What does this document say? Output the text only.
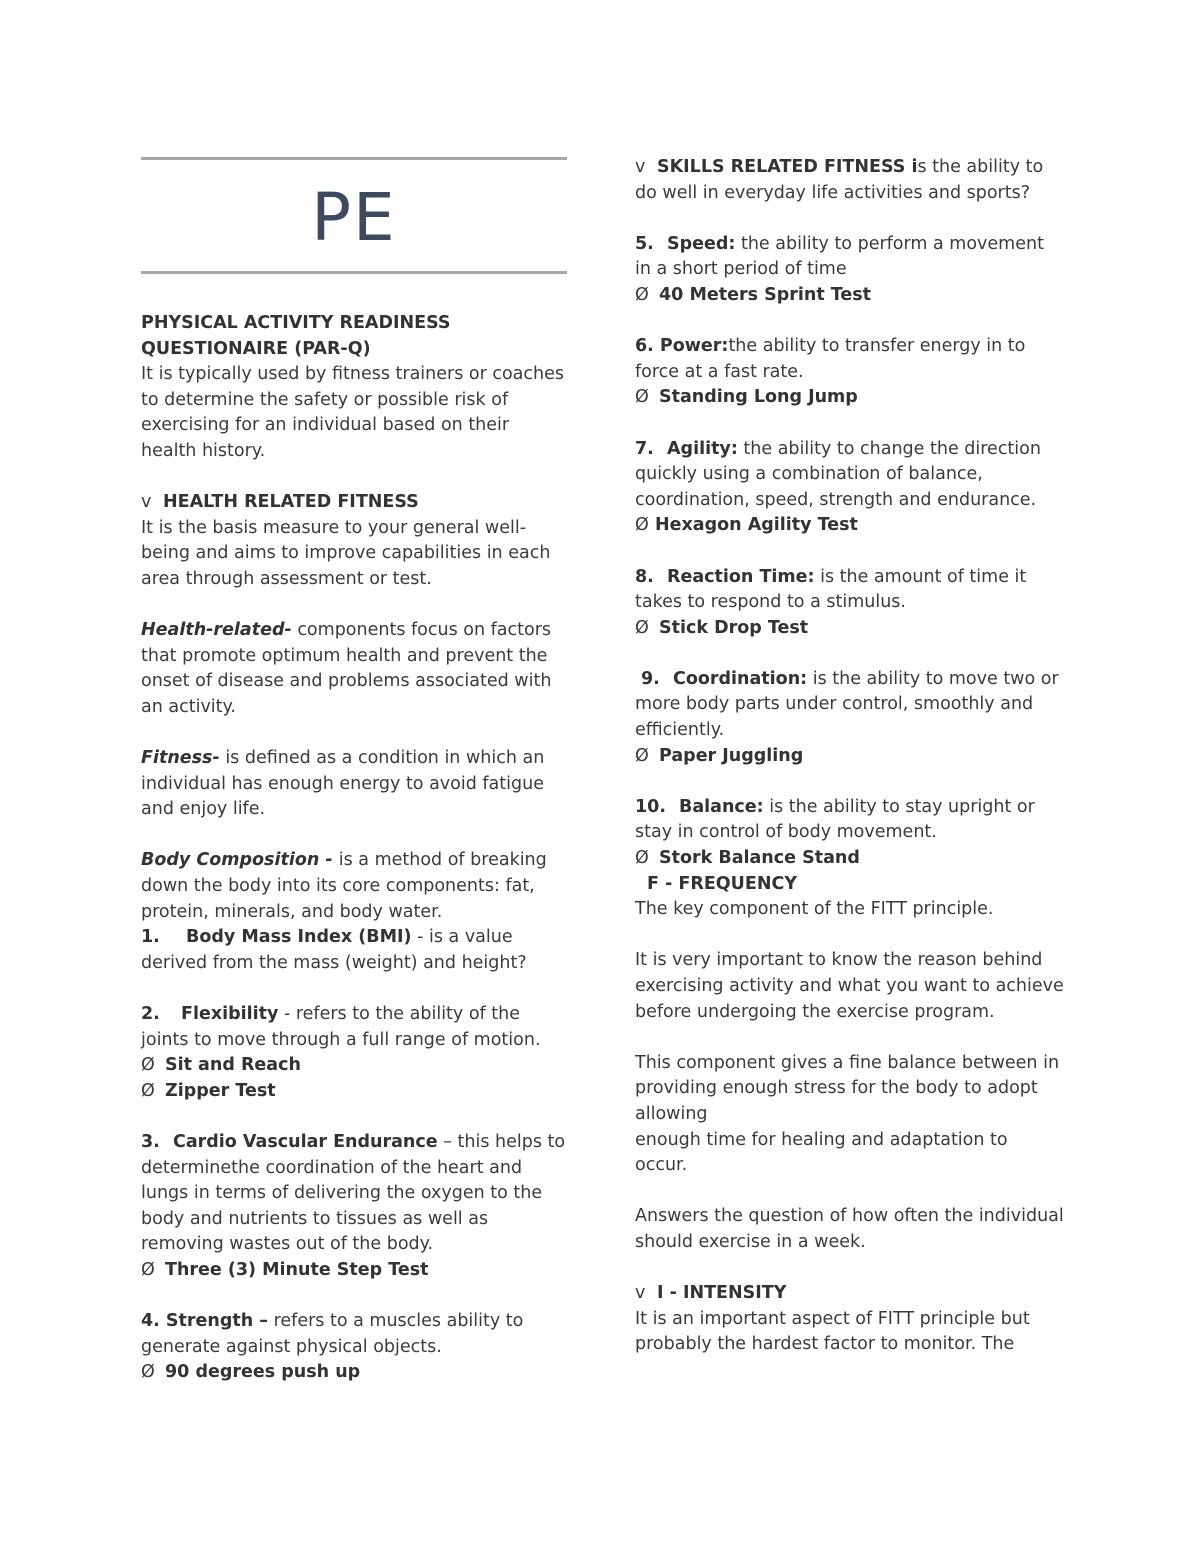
PE

PHYSICAL ACTIVITY READINESS
QUESTIONAIRE (PAR-Q)

It is typically used by fitness trainers or coaches to determine the safety or possible risk of exercising for an individual based on their health history.

v HEALTH RELATED FITNESS

It is the basis measure to your general well-being and aims to improve capabilities in each area through assessment or test.

Health-related- components focus on factors that promote optimum health and prevent the onset of disease and problems associated with an activity.

Fitness- is defined as a condition in which an individual has enough energy to avoid fatigue and enjoy life.

Body Composition - is a method of breaking down the body into its core components: fat, protein, minerals, and body water.

1. Body Mass Index (BMI) - is a value derived from the mass (weight) and height?

2. Flexibility - refers to the ability of the joints to move through a full range of motion.

Ø Sit and Reach

Ø Zipper Test

3. Cardio Vascular Endurance – this helps to determinethe coordination of the heart and lungs in terms of delivering the oxygen to the body and nutrients to tissues as well as removing wastes out of the body.

Ø Three (3) Minute Step Test

4. Strength – refers to a muscles ability to generate against physical objects.

Ø 90 degrees push up

v SKILLS RELATED FITNESS is the ability to do well in everyday life activities and sports?

5. Speed: the ability to perform a movement in a short period of time

Ø 40 Meters Sprint Test

6. Power:the ability to transfer energy in to force at a fast rate.

Ø Standing Long Jump

7. Agility: the ability to change the direction quickly using a combination of balance, coordination, speed, strength and endurance.

Ø Hexagon Agility Test

8. Reaction Time: is the amount of time it takes to respond to a stimulus.

Ø Stick Drop Test

9. Coordination: is the ability to move two or more body parts under control, smoothly and efficiently.

Ø Paper Juggling

10. Balance: is the ability to stay upright or stay in control of body movement.

Ø Stork Balance Stand

F - FREQUENCY

The key component of the FITT principle.

It is very important to know the reason behind exercising activity and what you want to achieve before undergoing the exercise program.

This component gives a fine balance between in providing enough stress for the body to adopt allowing

enough time for healing and adaptation to occur.

Answers the question of how often the individual should exercise in a week.

v I - INTENSITY

It is an important aspect of FITT principle but probably the hardest factor to monitor. The
